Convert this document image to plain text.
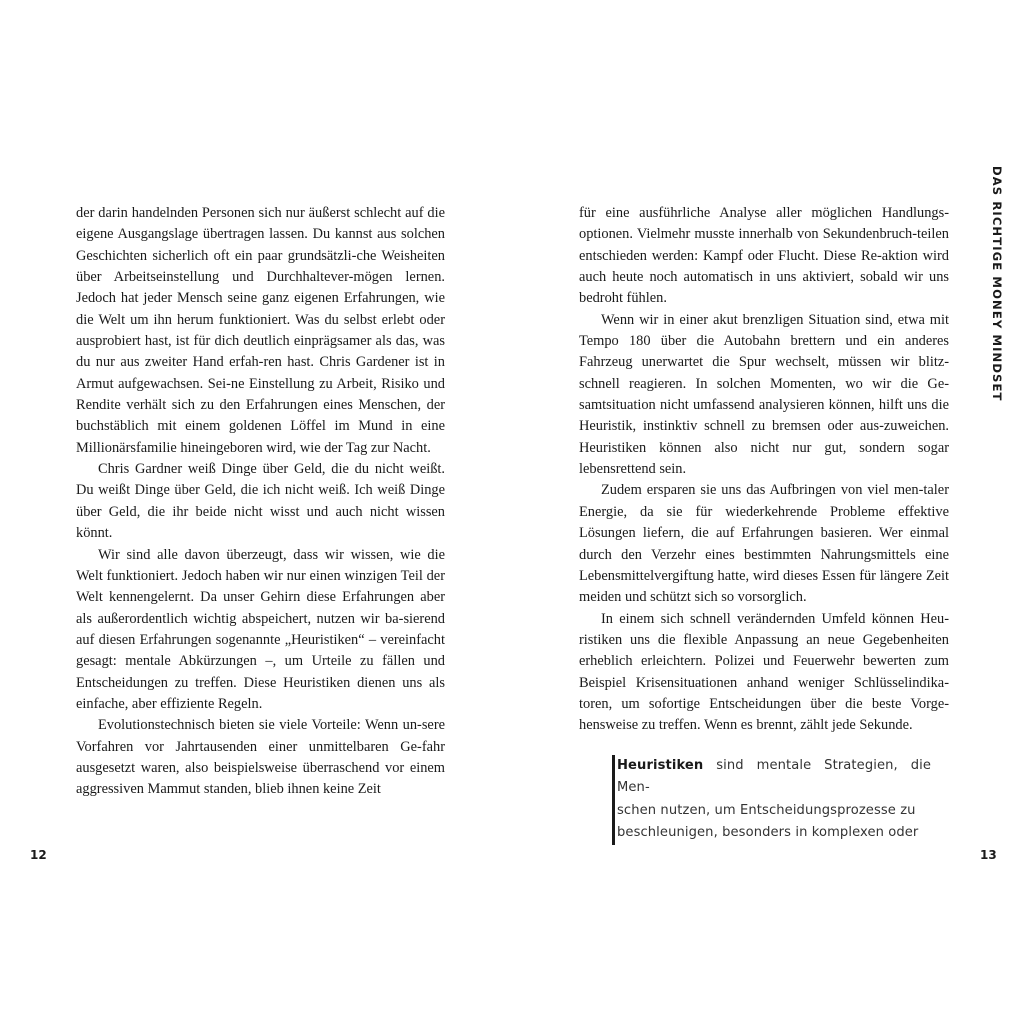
der darin handelnden Personen sich nur äußerst schlecht auf die eigene Ausgangslage übertragen lassen. Du kannst aus solchen Geschichten sicherlich oft ein paar grundsätzli-che Weisheiten über Arbeitseinstellung und Durchhaltever-mögen lernen. Jedoch hat jeder Mensch seine ganz eigenen Erfahrungen, wie die Welt um ihn herum funktioniert. Was du selbst erlebt oder ausprobiert hast, ist für dich deutlich einprägsamer als das, was du nur aus zweiter Hand erfah-ren hast. Chris Gardener ist in Armut aufgewachsen. Sei-ne Einstellung zu Arbeit, Risiko und Rendite verhält sich zu den Erfahrungen eines Menschen, der buchstäblich mit einem goldenen Löffel im Mund in eine Millionärsfamilie hineingeboren wird, wie der Tag zur Nacht.

Chris Gardner weiß Dinge über Geld, die du nicht weißt. Du weißt Dinge über Geld, die ich nicht weiß. Ich weiß Dinge über Geld, die ihr beide nicht wisst und auch nicht wissen könnt.

Wir sind alle davon überzeugt, dass wir wissen, wie die Welt funktioniert. Jedoch haben wir nur einen winzigen Teil der Welt kennengelernt. Da unser Gehirn diese Erfahrungen aber als außerordentlich wichtig abspeichert, nutzen wir ba-sierend auf diesen Erfahrungen sogenannte „Heuristiken“ – vereinfacht gesagt: mentale Abkürzungen –, um Urteile zu fällen und Entscheidungen zu treffen. Diese Heuristiken dienen uns als einfache, aber effiziente Regeln.

Evolutionstechnisch bieten sie viele Vorteile: Wenn un-sere Vorfahren vor Jahrtausenden einer unmittelbaren Ge-fahr ausgesetzt waren, also beispielsweise überraschend vor einem aggressiven Mammut standen, blieb ihnen keine Zeit

12

für eine ausführliche Analyse aller möglichen Handlungs-optionen. Vielmehr musste innerhalb von Sekundenbruch-teilen entschieden werden: Kampf oder Flucht. Diese Re-aktion wird auch heute noch automatisch in uns aktiviert, sobald wir uns bedroht fühlen.

Wenn wir in einer akut brenzligen Situation sind, etwa mit Tempo 180 über die Autobahn brettern und ein anderes Fahrzeug unerwartet die Spur wechselt, müssen wir blitz-schnell reagieren. In solchen Momenten, wo wir die Ge-samtsituation nicht umfassend analysieren können, hilft uns die Heuristik, instinktiv schnell zu bremsen oder aus-zuweichen. Heuristiken können also nicht nur gut, sondern sogar lebensrettend sein.

Zudem ersparen sie uns das Aufbringen von viel men-taler Energie, da sie für wiederkehrende Probleme effektive Lösungen liefern, die auf Erfahrungen basieren. Wer einmal durch den Verzehr eines bestimmten Nahrungsmittels eine Lebensmittelvergiftung hatte, wird dieses Essen für längere Zeit meiden und schützt sich so vorsorglich.

In einem sich schnell verändernden Umfeld können Heu-ristiken uns die flexible Anpassung an neue Gegebenheiten erheblich erleichtern. Polizei und Feuerwehr bewerten zum Beispiel Krisensituationen anhand weniger Schlüsselindika-toren, um sofortige Entscheidungen über die beste Vorge-hensweise zu treffen. Wenn es brennt, zählt jede Sekunde.

Heuristiken sind mentale Strategien, die Men-
schen nutzen, um Entscheidungsprozesse zu
beschleunigen, besonders in komplexen oder
DAS RICHTIGE MONEY MINDSET
13
